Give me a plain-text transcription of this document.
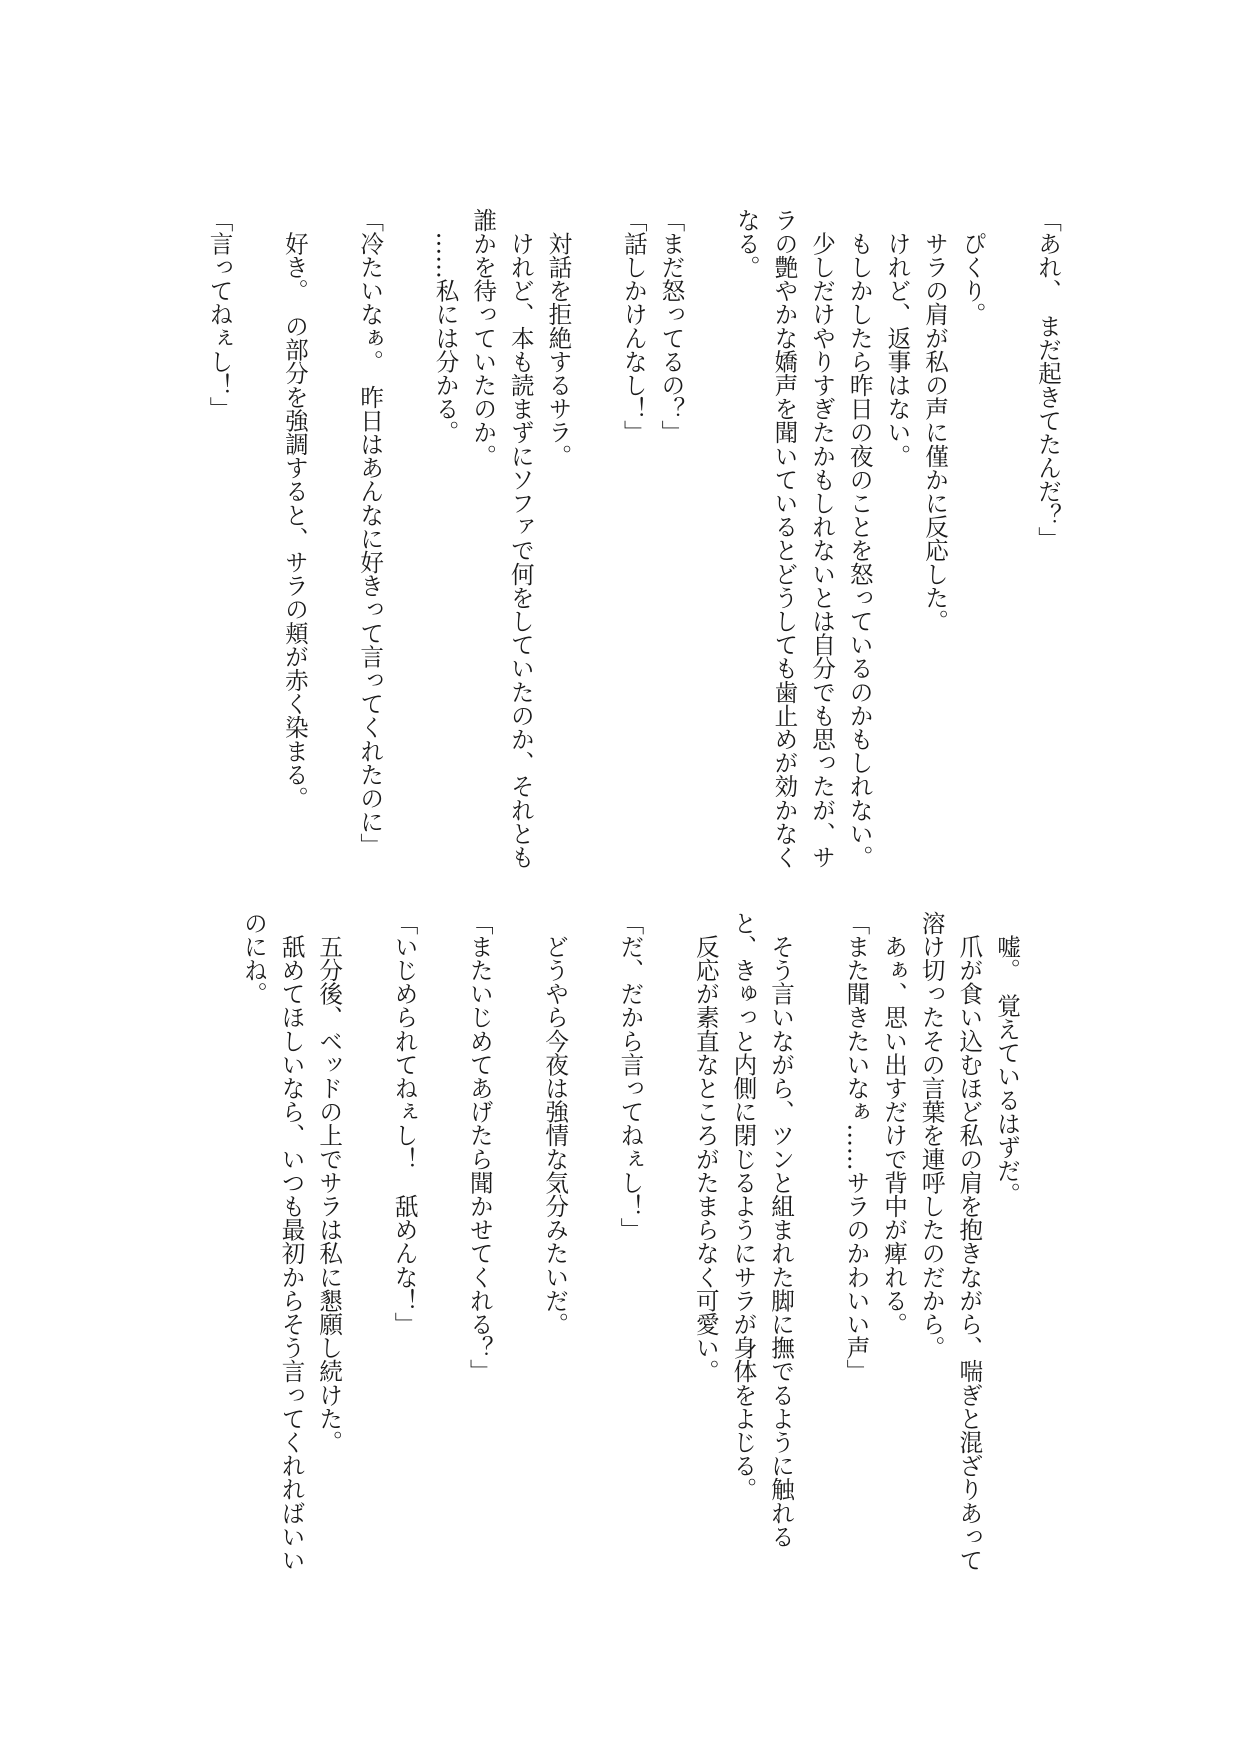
「あれ、　まだ起きてたんだ？」

　ぴくり。
　サラの肩が私の声に僅かに反応した。
　けれど、返事はない。
　もしかしたら昨日の夜のことを怒っているのかもしれない。
　少しだけやりすぎたかもしれないとは自分でも思ったが、サ
ラの艶やかな嬌声を聞いているとどうしても歯止めが効かなく
なる。

「まだ怒ってるの？」
「話しかけんなし！」

　対話を拒絶するサラ。
　けれど、本も読まずにソファで何をしていたのか、それとも
誰かを待っていたのか。
　……私には分かる。

「冷たいなぁ。　昨日はあんなに好きって言ってくれたのに」

　好き。　の部分を強調すると、サラの頬が赤く染まる。

「言ってねぇし！」
　嘘。　覚えているはずだ。
　爪が食い込むほど私の肩を抱きながら、喘ぎと混ざりあって
溶け切ったその言葉を連呼したのだから。
　あぁ、思い出すだけで背中が痺れる。
「また聞きたいなぁ……サラのかわいい声」

　そう言いながら、ツンと組まれた脚に撫でるように触れる
と、きゅっと内側に閉じるようにサラが身体をよじる。
　反応が素直なところがたまらなく可愛い。

「だ、だから言ってねぇし！」

　どうやら今夜は強情な気分みたいだ。

「またいじめてあげたら聞かせてくれる？」

「いじめられてねぇし！　舐めんな！」

　五分後、ベッドの上でサラは私に懇願し続けた。
　舐めてほしいなら、いつも最初からそう言ってくれればいい
のにね。
